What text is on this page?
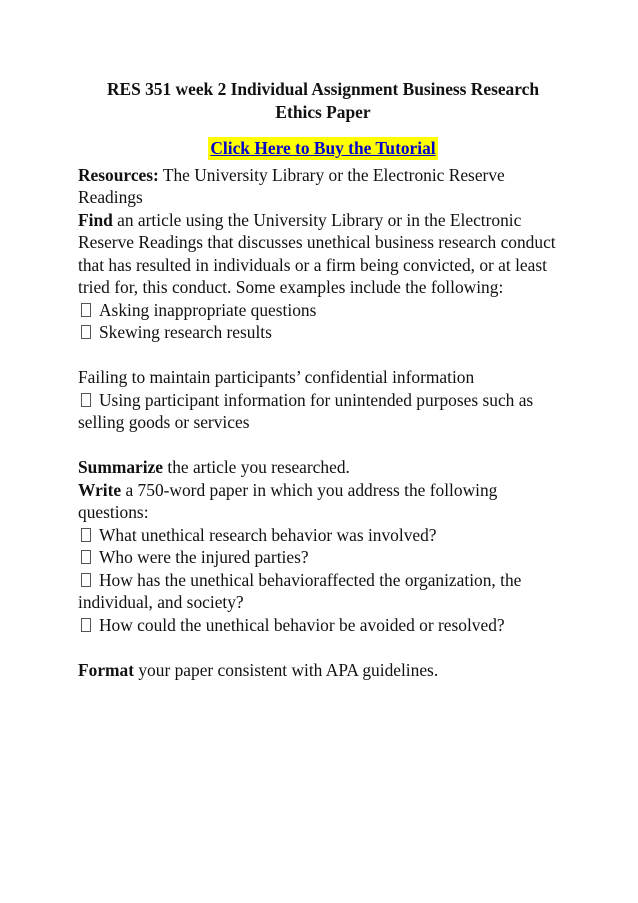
RES 351 week 2 Individual Assignment Business Research Ethics Paper

Click Here to Buy the Tutorial

Resources: The University Library or the Electronic Reserve Readings

Find an article using the University Library or in the Electronic Reserve Readings that discusses unethical business research conduct that has resulted in individuals or a firm being convicted, or at least tried for, this conduct. Some examples include the following:

Asking inappropriate questions

Skewing research results

Failing to maintain participants’ confidential information

Using participant information for unintended purposes such as selling goods or services

Summarize the article you researched.

Write a 750-word paper in which you address the following questions:

What unethical research behavior was involved?

Who were the injured parties?

How has the unethical behavioraffected the organization, the individual, and society?

How could the unethical behavior be avoided or resolved?

Format your paper consistent with APA guidelines.
